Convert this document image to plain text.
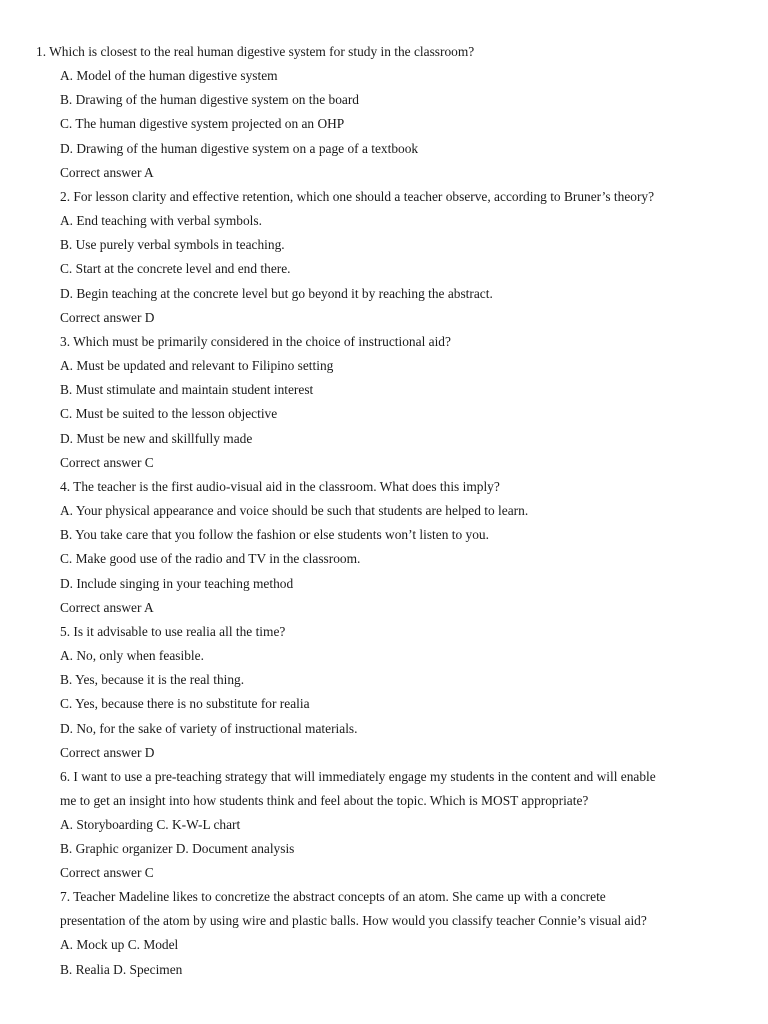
1. Which is closest to the real human digestive system for study in the classroom?
A. Model of the human digestive system
B. Drawing of the human digestive system on the board
C. The human digestive system projected on an OHP
D. Drawing of the human digestive system on a page of a textbook
Correct answer A
2. For lesson clarity and effective retention, which one should a teacher observe, according to Bruner’s theory?
A. End teaching with verbal symbols.
B. Use purely verbal symbols in teaching.
C. Start at the concrete level and end there.
D. Begin teaching at the concrete level but go beyond it by reaching the abstract.
Correct answer D
3. Which must be primarily considered in the choice of instructional aid?
A. Must be updated and relevant to Filipino setting
B. Must stimulate and maintain student interest
C. Must be suited to the lesson objective
D. Must be new and skillfully made
Correct answer C
4. The teacher is the first audio-visual aid in the classroom. What does this imply?
A. Your physical appearance and voice should be such that students are helped to learn.
B. You take care that you follow the fashion or else students won’t listen to you.
C. Make good use of the radio and TV in the classroom.
D. Include singing in your teaching method
Correct answer A
5. Is it advisable to use realia all the time?
A. No, only when feasible.
B. Yes, because it is the real thing.
C. Yes, because there is no substitute for realia
D. No, for the sake of variety of instructional materials.
Correct answer D
6. I want to use a pre-teaching strategy that will immediately engage my students in the content and will enable
me to get an insight into how students think and feel about the topic. Which is MOST appropriate?
A. Storyboarding C. K-W-L chart
B. Graphic organizer D. Document analysis
Correct answer C
7. Teacher Madeline likes to concretize the abstract concepts of an atom. She came up with a concrete
presentation of the atom by using wire and plastic balls. How would you classify teacher Connie’s visual aid?
A. Mock up C. Model
B. Realia D. Specimen
